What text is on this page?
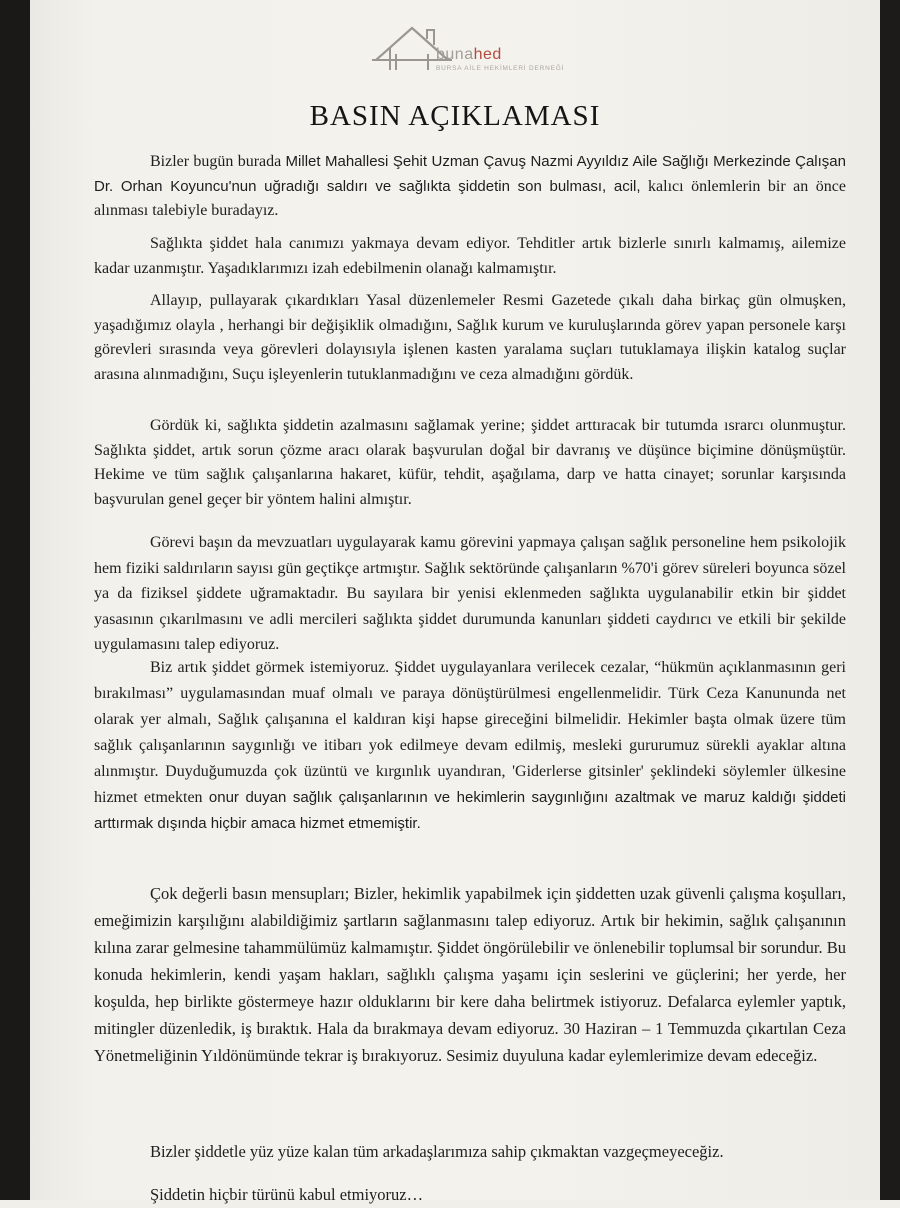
bunahed
BURSA AİLE HEKİMLERİ DERNEĞİ
BASIN AÇIKLAMASI

Bizler bugün burada Millet Mahallesi Şehit Uzman Çavuş Nazmi Ayyıldız Aile Sağlığı Merkezinde Çalışan Dr. Orhan Koyuncu'nun uğradığı saldırı ve sağlıkta şiddetin son bulması, acil, kalıcı önlemlerin bir an önce alınması talebiyle buradayız.

Sağlıkta şiddet hala canımızı yakmaya devam ediyor. Tehditler artık bizlerle sınırlı kalmamış, ailemize kadar uzanmıştır. Yaşadıklarımızı izah edebilmenin olanağı kalmamıştır.

Allayıp, pullayarak çıkardıkları Yasal düzenlemeler Resmi Gazetede çıkalı daha birkaç gün olmuşken, yaşadığımız olayla , herhangi bir değişiklik olmadığını, Sağlık kurum ve kuruluşlarında görev yapan personele karşı görevleri sırasında veya görevleri dolayısıyla işlenen kasten yaralama suçları tutuklamaya ilişkin katalog suçlar arasına alınmadığını, Suçu işleyenlerin tutuklanmadığını ve ceza almadığını gördük.

Gördük ki, sağlıkta şiddetin azalmasını sağlamak yerine; şiddet arttıracak bir tutumda ısrarcı olunmuştur. Sağlıkta şiddet, artık sorun çözme aracı olarak başvurulan doğal bir davranış ve düşünce biçimine dönüşmüştür. Hekime ve tüm sağlık çalışanlarına hakaret, küfür, tehdit, aşağılama, darp ve hatta cinayet; sorunlar karşısında başvurulan genel geçer bir yöntem halini almıştır.

Görevi başın da mevzuatları uygulayarak kamu görevini yapmaya çalışan sağlık personeline hem psikolojik hem fiziki saldırıların sayısı gün geçtikçe artmıştır. Sağlık sektöründe çalışanların %70'i görev süreleri boyunca sözel ya da fiziksel şiddete uğramaktadır. Bu sayılara bir yenisi eklenmeden sağlıkta uygulanabilir etkin bir şiddet yasasının çıkarılmasını ve adli mercileri sağlıkta şiddet durumunda kanunları şiddeti caydırıcı ve etkili bir şekilde uygulamasını talep ediyoruz.

Biz artık şiddet görmek istemiyoruz. Şiddet uygulayanlara verilecek cezalar, “hükmün açıklanmasının geri bırakılması” uygulamasından muaf olmalı ve paraya dönüştürülmesi engellenmelidir. Türk Ceza Kanununda net olarak yer almalı, Sağlık çalışanına el kaldıran kişi hapse gireceğini bilmelidir. Hekimler başta olmak üzere tüm sağlık çalışanlarının saygınlığı ve itibarı yok edilmeye devam edilmiş, mesleki gururumuz sürekli ayaklar altına alınmıştır. Duyduğumuzda çok üzüntü ve kırgınlık uyandıran, 'Giderlerse gitsinler' şeklindeki söylemler ülkesine hizmet etmekten onur duyan sağlık çalışanlarının ve hekimlerin saygınlığını azaltmak ve maruz kaldığı şiddeti arttırmak dışında hiçbir amaca hizmet etmemiştir.

Çok değerli basın mensupları; Bizler, hekimlik yapabilmek için şiddetten uzak güvenli çalışma koşulları, emeğimizin karşılığını alabildiğimiz şartların sağlanmasını talep ediyoruz. Artık bir hekimin, sağlık çalışanının kılına zarar gelmesine tahammülümüz kalmamıştır. Şiddet öngörülebilir ve önlenebilir toplumsal bir sorundur. Bu konuda hekimlerin, kendi yaşam hakları, sağlıklı çalışma yaşamı için seslerini ve güçlerini; her yerde, her koşulda, hep birlikte göstermeye hazır olduklarını bir kere daha belirtmek istiyoruz. Defalarca eylemler yaptık, mitingler düzenledik, iş bıraktık. Hala da bırakmaya devam ediyoruz. 30 Haziran – 1 Temmuzda çıkartılan Ceza Yönetmeliğinin Yıldönümünde tekrar iş bırakıyoruz. Sesimiz duyuluna kadar eylemlerimize devam edeceğiz.

Bizler şiddetle yüz yüze kalan tüm arkadaşlarımıza sahip çıkmaktan vazgeçmeyeceğiz.

Şiddetin hiçbir türünü kabul etmiyoruz…
